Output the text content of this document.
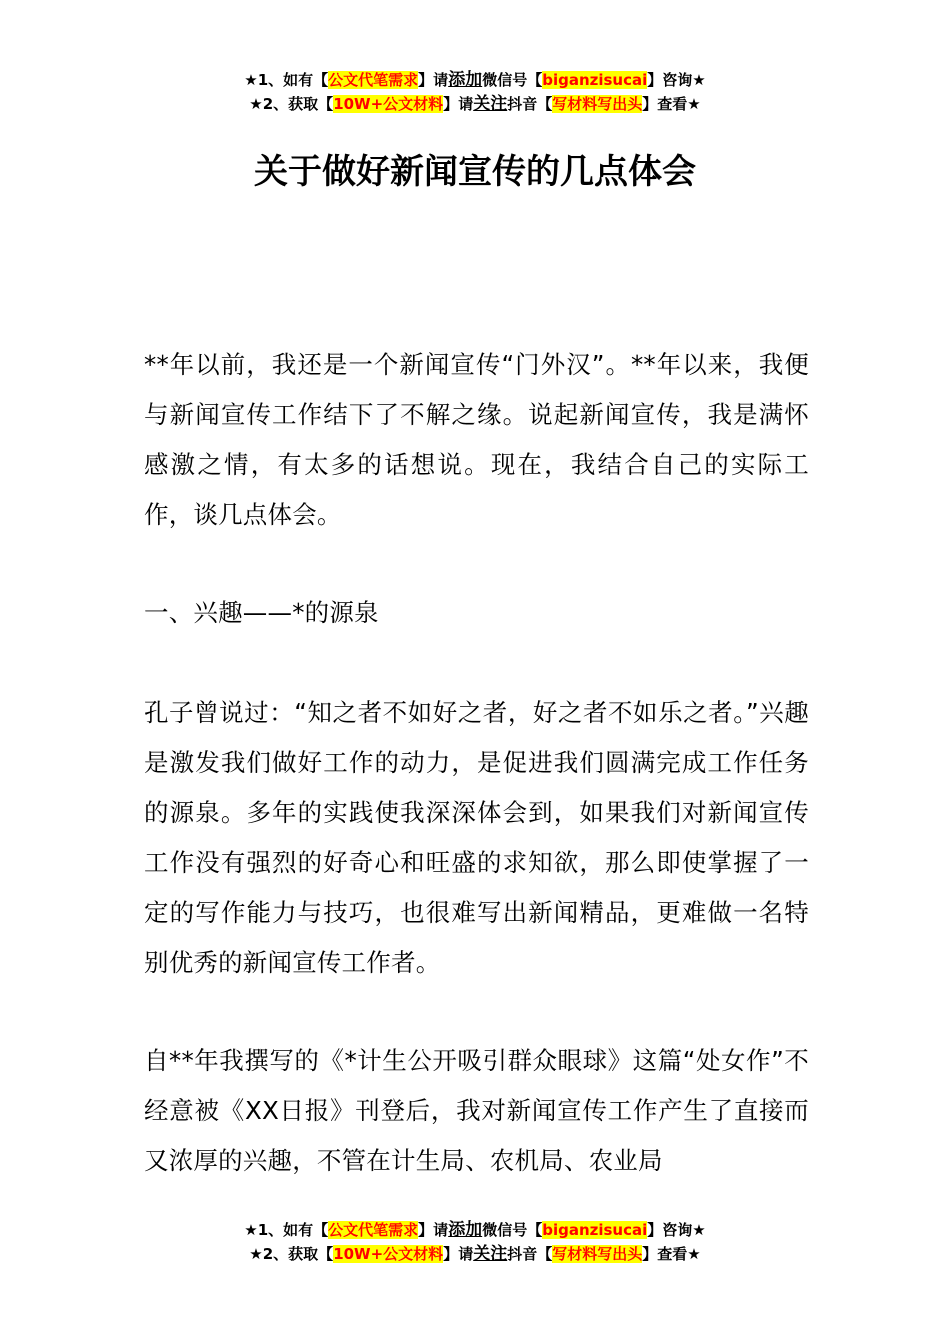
★1、如有【公文代笔需求】请添加微信号【biganzisucai】咨询★
★2、获取【10W+公文材料】请关注抖音【写材料写出头】查看★
关于做好新闻宣传的几点体会

**年以前，我还是一个新闻宣传“门外汉”。**年以来，我便与新闻宣传工作结下了不解之缘。说起新闻宣传，我是满怀感激之情，有太多的话想说。现在，我结合自己的实际工作，谈几点体会。

一、兴趣——*的源泉

孔子曾说过：“知之者不如好之者，好之者不如乐之者。”兴趣是激发我们做好工作的动力，是促进我们圆满完成工作任务的源泉。多年的实践使我深深体会到，如果我们对新闻宣传工作没有强烈的好奇心和旺盛的求知欲，那么即使掌握了一定的写作能力与技巧，也很难写出新闻精品，更难做一名特别优秀的新闻宣传工作者。

自**年我撰写的《*计生公开吸引群众眼球》这篇“处女作”不经意被《XX日报》刊登后，我对新闻宣传工作产生了直接而又浓厚的兴趣，不管在计生局、农机局、农业局

★1、如有【公文代笔需求】请添加微信号【biganzisucai】咨询★
★2、获取【10W+公文材料】请关注抖音【写材料写出头】查看★
